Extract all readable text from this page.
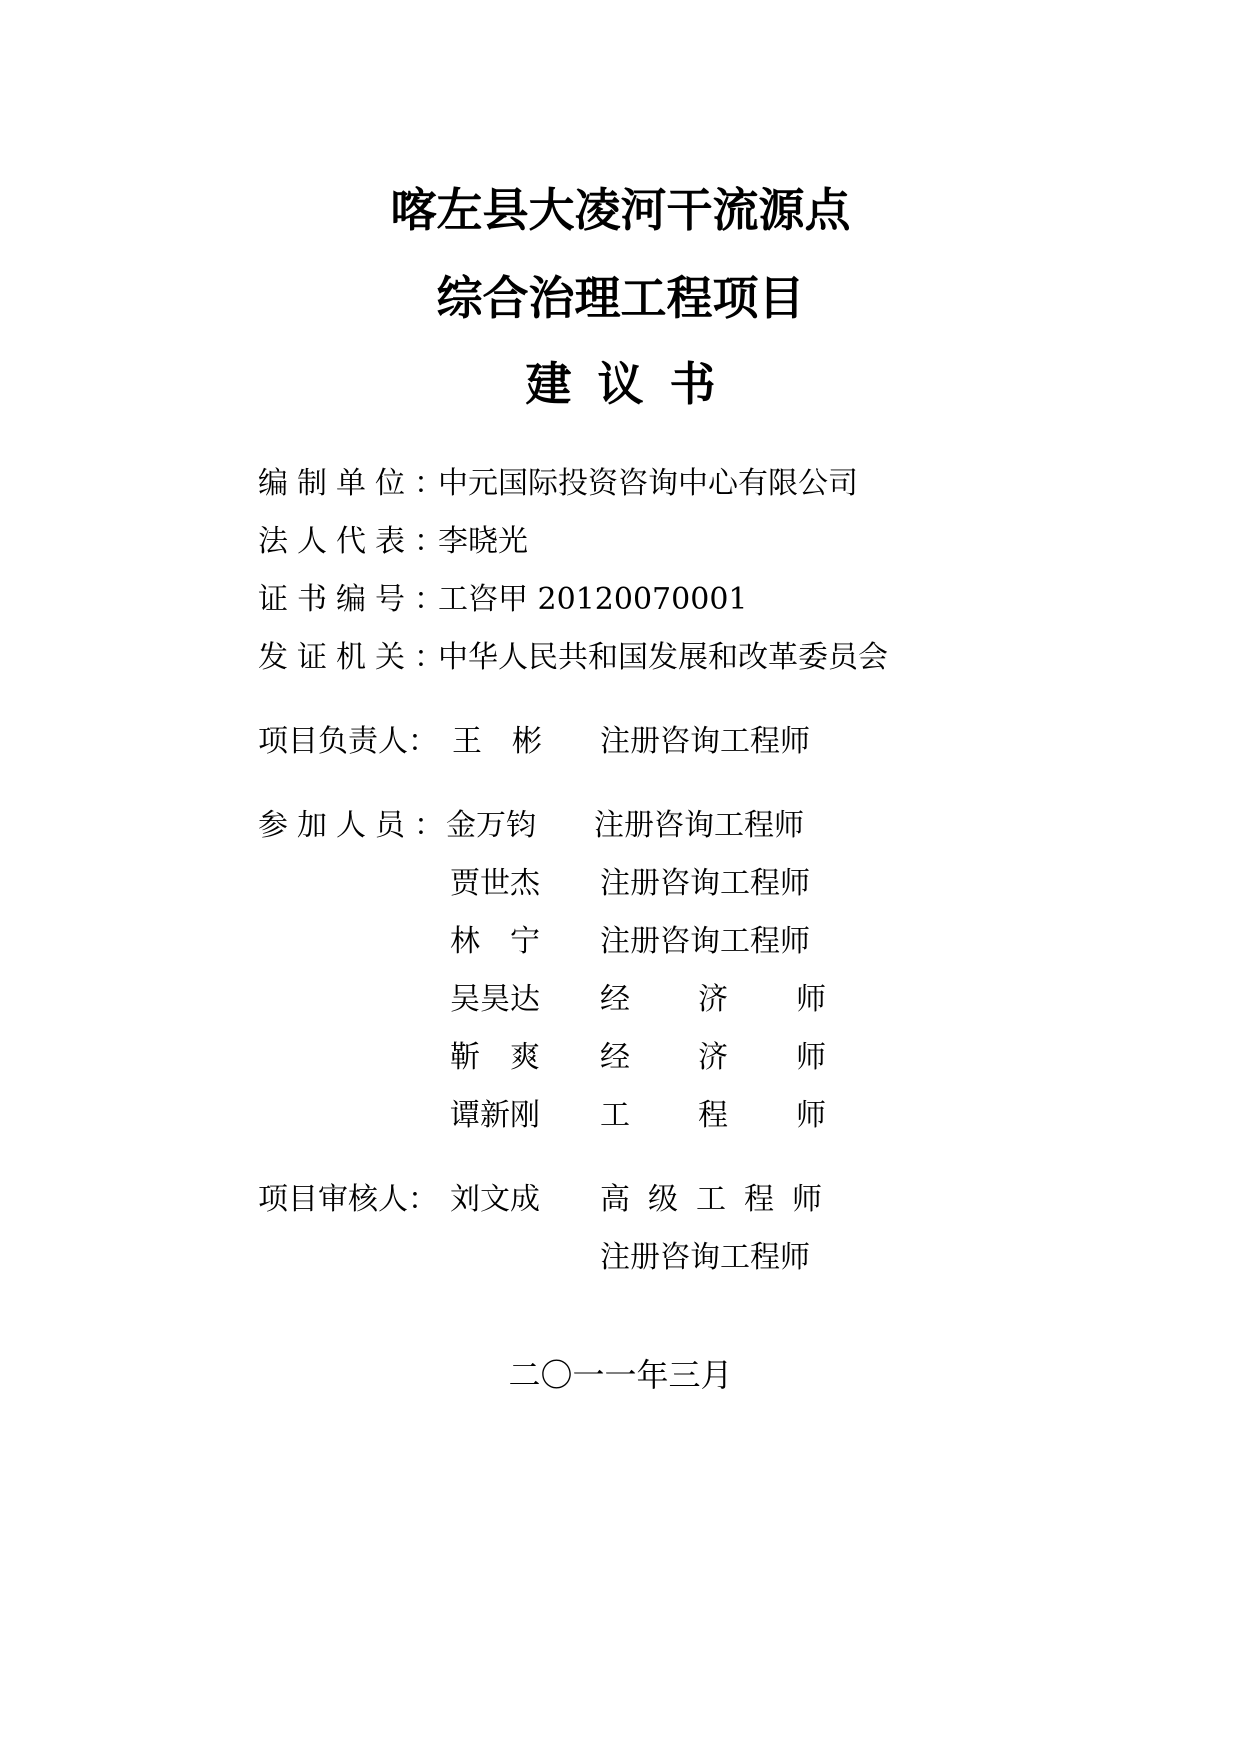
喀左县大凌河干流源点
综合治理工程项目
建议书
编制单位：
中元国际投资咨询中心有限公司
法人代表：
李晓光
证书编号：
工咨甲 20120070001
发证机关：
中华人民共和国发展和改革委员会
项目负责人： 王　彬 注册咨询工程师
参加人员：
金万钧 注册咨询工程师
贾世杰 注册咨询工程师
林　宁 注册咨询工程师
吴昊达 经济师
靳　爽 经济师
谭新刚 工程师
项目审核人： 刘文成 高级工程师
注册咨询工程师
二〇一一年三月
